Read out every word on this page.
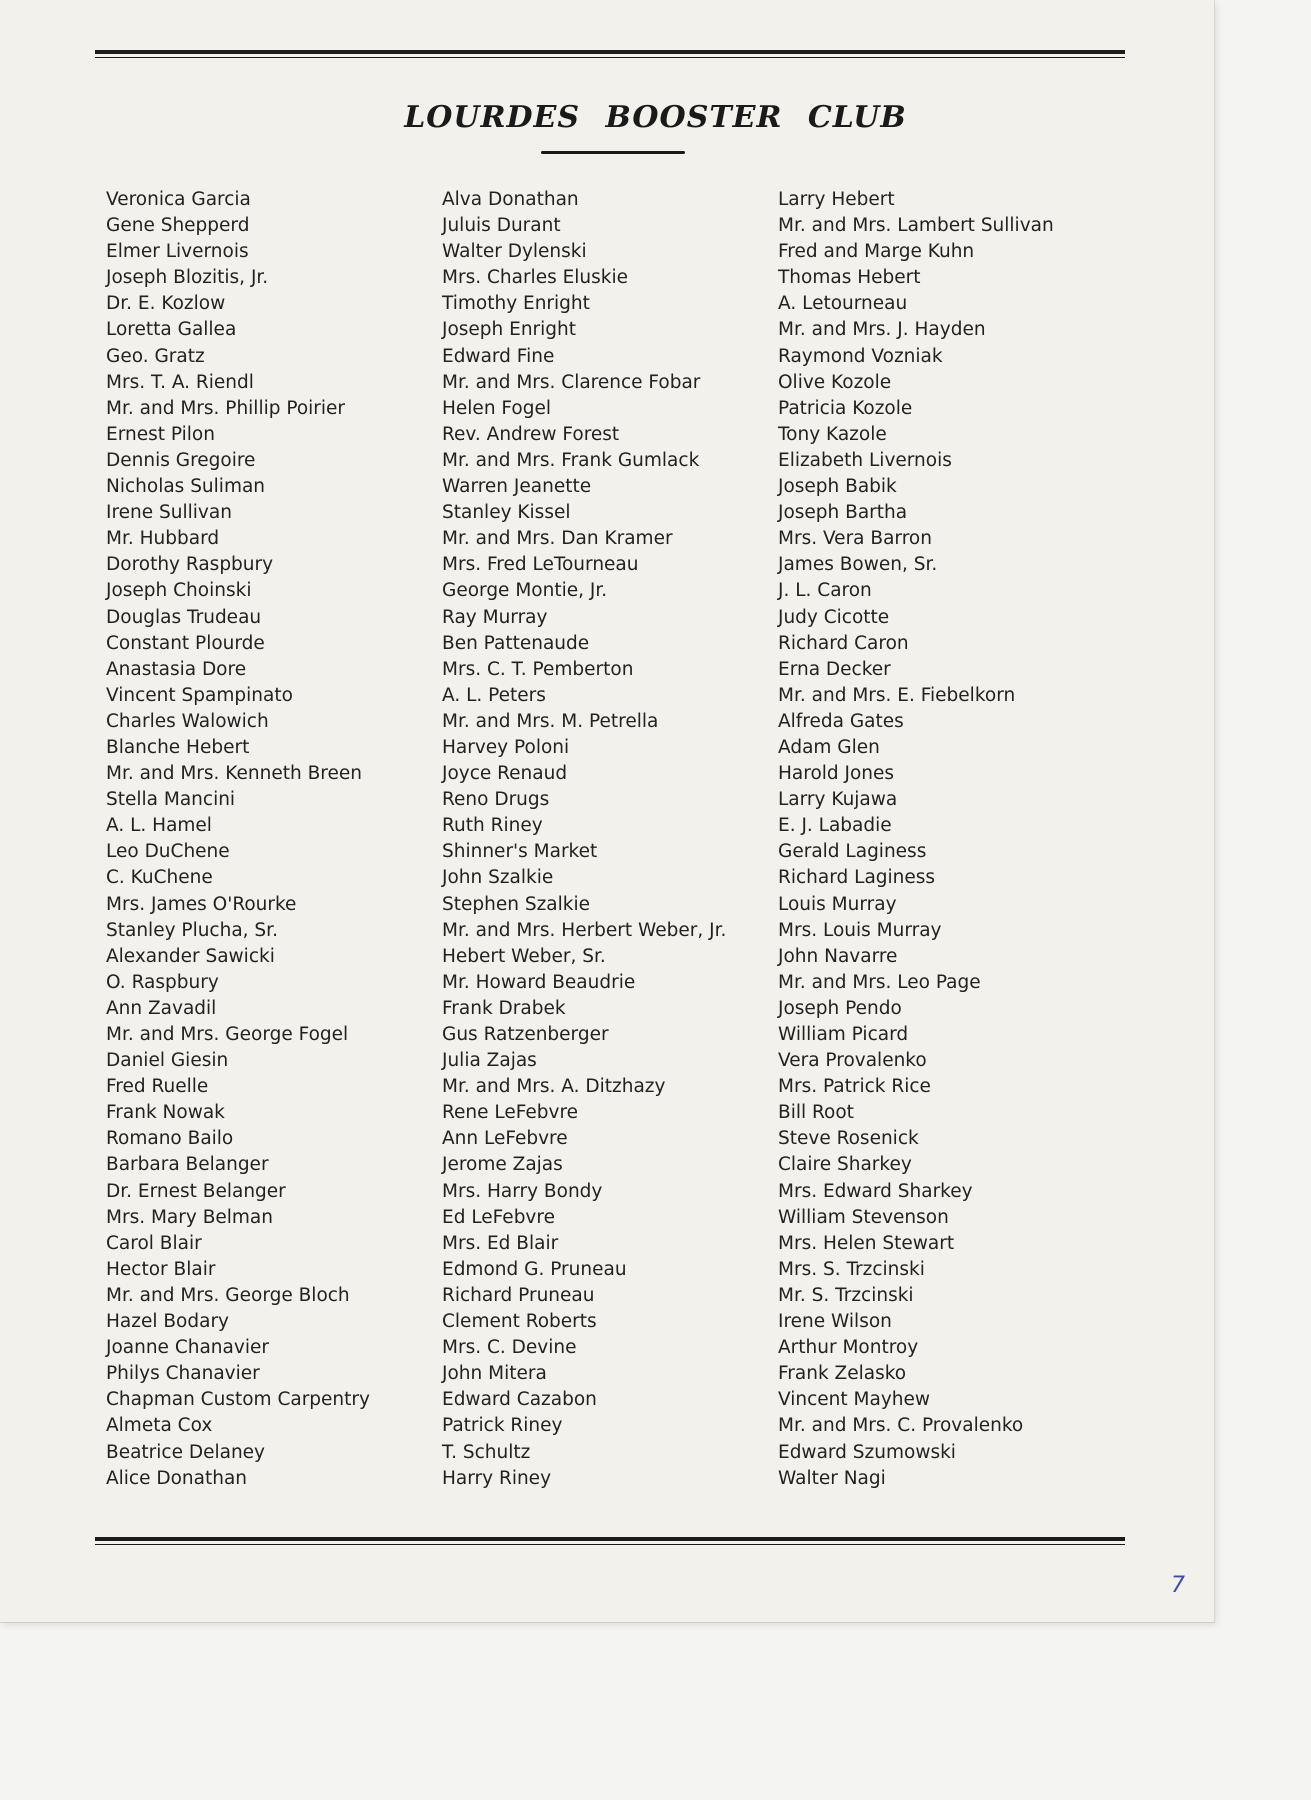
LOURDES BOOSTER CLUB
Veronica Garcia
Gene Shepperd
Elmer Livernois
Joseph Blozitis, Jr.
Dr. E. Kozlow
Loretta Gallea
Geo. Gratz
Mrs. T. A. Riendl
Mr. and Mrs. Phillip Poirier
Ernest Pilon
Dennis Gregoire
Nicholas Suliman
Irene Sullivan
Mr. Hubbard
Dorothy Raspbury
Joseph Choinski
Douglas Trudeau
Constant Plourde
Anastasia Dore
Vincent Spampinato
Charles Walowich
Blanche Hebert
Mr. and Mrs. Kenneth Breen
Stella Mancini
A. L. Hamel
Leo DuChene
C. KuChene
Mrs. James O'Rourke
Stanley Plucha, Sr.
Alexander Sawicki
O. Raspbury
Ann Zavadil
Mr. and Mrs. George Fogel
Daniel Giesin
Fred Ruelle
Frank Nowak
Romano Bailo
Barbara Belanger
Dr. Ernest Belanger
Mrs. Mary Belman
Carol Blair
Hector Blair
Mr. and Mrs. George Bloch
Hazel Bodary
Joanne Chanavier
Philys Chanavier
Chapman Custom Carpentry
Almeta Cox
Beatrice Delaney
Alice Donathan
Alva Donathan
Juluis Durant
Walter Dylenski
Mrs. Charles Eluskie
Timothy Enright
Joseph Enright
Edward Fine
Mr. and Mrs. Clarence Fobar
Helen Fogel
Rev. Andrew Forest
Mr. and Mrs. Frank Gumlack
Warren Jeanette
Stanley Kissel
Mr. and Mrs. Dan Kramer
Mrs. Fred LeTourneau
George Montie, Jr.
Ray Murray
Ben Pattenaude
Mrs. C. T. Pemberton
A. L. Peters
Mr. and Mrs. M. Petrella
Harvey Poloni
Joyce Renaud
Reno Drugs
Ruth Riney
Shinner's Market
John Szalkie
Stephen Szalkie
Mr. and Mrs. Herbert Weber, Jr.
Hebert Weber, Sr.
Mr. Howard Beaudrie
Frank Drabek
Gus Ratzenberger
Julia Zajas
Mr. and Mrs. A. Ditzhazy
Rene LeFebvre
Ann LeFebvre
Jerome Zajas
Mrs. Harry Bondy
Ed LeFebvre
Mrs. Ed Blair
Edmond G. Pruneau
Richard Pruneau
Clement Roberts
Mrs. C. Devine
John Mitera
Edward Cazabon
Patrick Riney
T. Schultz
Harry Riney
Larry Hebert
Mr. and Mrs. Lambert Sullivan
Fred and Marge Kuhn
Thomas Hebert
A. Letourneau
Mr. and Mrs. J. Hayden
Raymond Vozniak
Olive Kozole
Patricia Kozole
Tony Kazole
Elizabeth Livernois
Joseph Babik
Joseph Bartha
Mrs. Vera Barron
James Bowen, Sr.
J. L. Caron
Judy Cicotte
Richard Caron
Erna Decker
Mr. and Mrs. E. Fiebelkorn
Alfreda Gates
Adam Glen
Harold Jones
Larry Kujawa
E. J. Labadie
Gerald Laginess
Richard Laginess
Louis Murray
Mrs. Louis Murray
John Navarre
Mr. and Mrs. Leo Page
Joseph Pendo
William Picard
Vera Provalenko
Mrs. Patrick Rice
Bill Root
Steve Rosenick
Claire Sharkey
Mrs. Edward Sharkey
William Stevenson
Mrs. Helen Stewart
Mrs. S. Trzcinski
Mr. S. Trzcinski
Irene Wilson
Arthur Montroy
Frank Zelasko
Vincent Mayhew
Mr. and Mrs. C. Provalenko
Edward Szumowski
Walter Nagi
7
